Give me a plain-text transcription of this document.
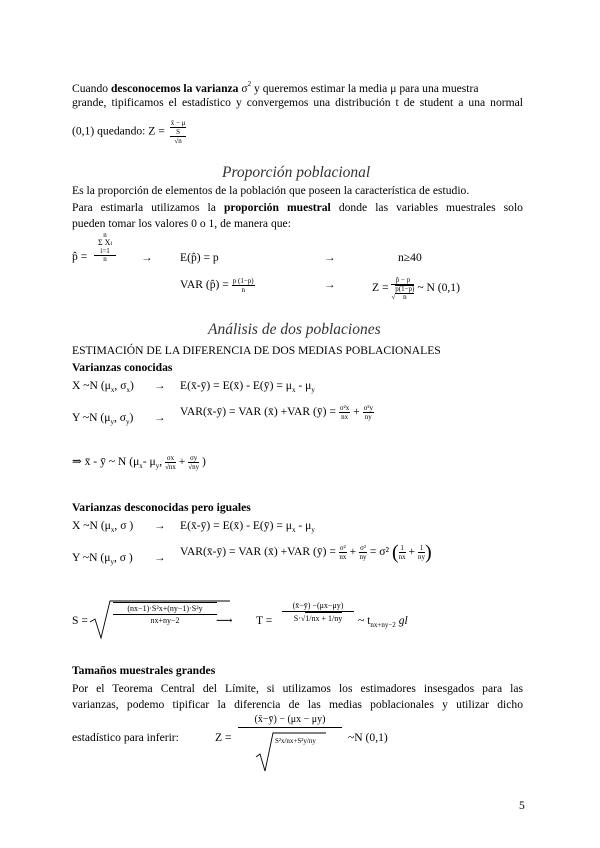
Cuando desconocemos la varianza $\sigma^2$ y queremos estimar la media μ para una muestra
grande, tipificamos el estadístico y convergemos una distribución t de student a una normal
(0,1) quedando: Z = x̄ − μ
S
√n
Proporción poblacional
Es la proporción de elementos de la población que poseen la característica de estudio.
Para estimarla utilizamos la proporción muestral donde las variables muestrales solo
pueden tomar los valores 0 o 1, de manera que:
p̂ =
n
Σ Xi
i=1
n	→ E(p̂) = p	→	n≥40
VAR (p̂) = $\frac{p (1-p)}{n}$	→	$Z = \frac{p̂ - p}{√ \frac{p(1-p)}{n}}$ ~ N (0,1)
Análisis de dos poblaciones
ESTIMACIÓN DE LA DIFERENCIA DE DOS MEDIAS POBLACIONALES
Varianzas conocidas
X ~N ($\mu_x$, $\sigma_x$) → E(x̄-ȳ) = E(x̄) - E(ȳ) = $\mu_x - \mu_y$
Y ~N ($\mu_y$, $\sigma_y$) → VAR(x̄-ȳ) = VAR (x̄) +VAR (ȳ) = $\frac{\text{σ²x}}{nx} + \frac{\text{σ²y}}{ny}$
⇒ x̄ - ȳ ~ N ($\mu_x-$ $\mu_y$, $\frac{\sigma x}{√nx} + \frac{\sigma y}{√ny}$ )
Varianzas desconocidas pero iguales
X ~N ($\mu_x$, σ ) → E(x̄-ȳ) = E(x̄) - E(ȳ) = $\mu_x - \mu_y$
Y ~N ($\mu_y$, σ ) → VAR(x̄-ȳ) = VAR (x̄) +VAR (ȳ) = $\frac{\text{σ²}}{nx} + \frac{\text{σ²}}{ny} = \sigma^2$ ( $\frac{1}{nx} + \frac{1}{ny}$ )
S =	$\frac{\text{(nx−1)·S²x+(ny−1)·S²y}}{nx+ny-2}$ ⟶ $T = \frac{(x̄-ȳ) -(\mu x-\mu y)}{S\cdot√1/nx + 1/ny}$ ~ $t_{nx+ny-2}$ gl
Tamaños muestrales grandes
Por el Teorema Central del Límite, si utilizamos los estimadores insesgados para las
varianzas, podemo tipificar la diferencia de las medias poblacionales y utilizar dicho
estadístico para inferir:	Z =
(x̄−ȳ) − (μx − μy)
S²x/nx+S²y/ny	~N (0,1)
5
